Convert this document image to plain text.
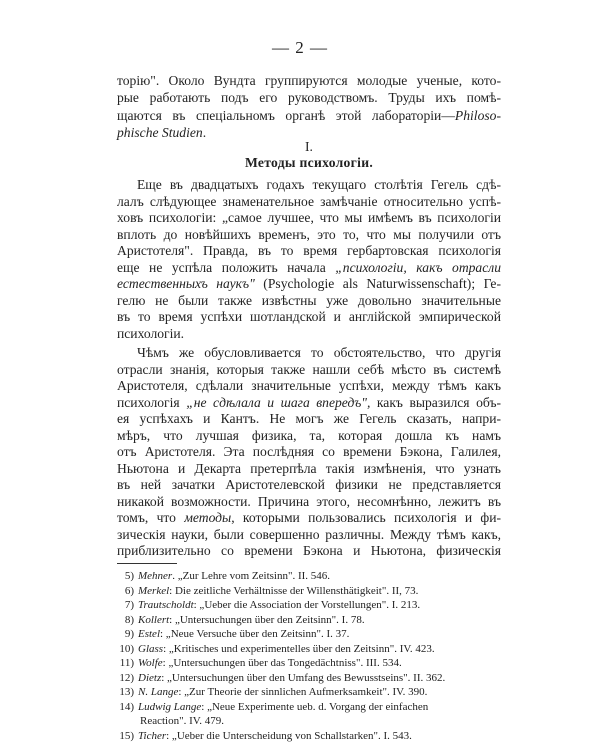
— 2 —
торію". Около Вундта группируются молодые ученые, кото-
рые работають подъ его руководствомъ. Труды ихъ помѣ-
щаются въ спеціальномъ органѣ этой лабораторіи—Philoso-
phische Studien.
I.
Методы психологіи.
Еще въ двадцатыхъ годахъ текущаго столѣтія Гегель сдѣ-
лалъ слѣдующее знаменательное замѣчаніе относительно успѣ-
ховъ психологіи: „самое лучшее, что мы имѣемъ въ психологіи
вплоть до новѣйшихъ временъ, это то, что мы получили отъ
Аристотеля". Правда, въ то время гербартовская психологія
еще не успѣла положить начала „психологіи, какъ отрасли
естественныхъ наукъ" (Psychologie als Naturwissenschaft); Ге-
гелю не были также извѣстны уже довольно значительные
въ то время успѣхи шотландской и англійской эмпирической
психологіи.
Чѣмъ же обусловливается то обстоятельство, что другія
отрасли знанія, которыя также нашли себѣ мѣсто въ системѣ
Аристотеля, сдѣлали значительные успѣхи, между тѣмъ какъ
психологія „не сдѣлала и шага впередъ", какъ выразился объ-
ея успѣхахъ и Кантъ. Не могъ же Гегель сказать, напри-
мѣръ, что лучшая физика, та, которая дошла къ намъ
отъ Аристотеля. Эта послѣдняя со времени Бэкона, Галилея,
Ньютона и Декарта претерпѣла такія измѣненія, что узнать
въ ней зачатки Аристотелевской физики не представляется
никакой возможности. Причина этого, несомнѣнно, лежитъ въ
томъ, что методы, которыми пользовались психологія и фи-
зическія науки, были совершенно различны. Между тѣмъ какъ,
приблизительно со времени Бэкона и Ньютона, физическія
5) Mehner. „Zur Lehre vom Zeitsinn". II. 546.
6) Merkel: Die zeitliche Verhältnisse der Willensthätigkeit". II, 73.
7) Trautscholdt: „Ueber die Association der Vorstellungen". I. 213.
8) Kollert: „Untersuchungen über den Zeitsinn". I. 78.
9) Estel: „Neue Versuche über den Zeitsinn". I. 37.
10) Glass: „Kritisches und experimentelles über den Zeitsinn". IV. 423.
11) Wolfe: „Untersuchungen über das Tongedächtniss". III. 534.
12) Dietz: „Untersuchungen über den Umfang des Bewusstseins". II. 362.
13) N. Lange: „Zur Theorie der sinnlichen Aufmerksamkeit". IV. 390.
14) Ludwig Lange: „Neue Experimente ueb. d. Vorgang der einfachen
Reaction". IV. 479.
15) Ticher: „Ueber die Unterscheidung von Schallstarken". I. 543.
